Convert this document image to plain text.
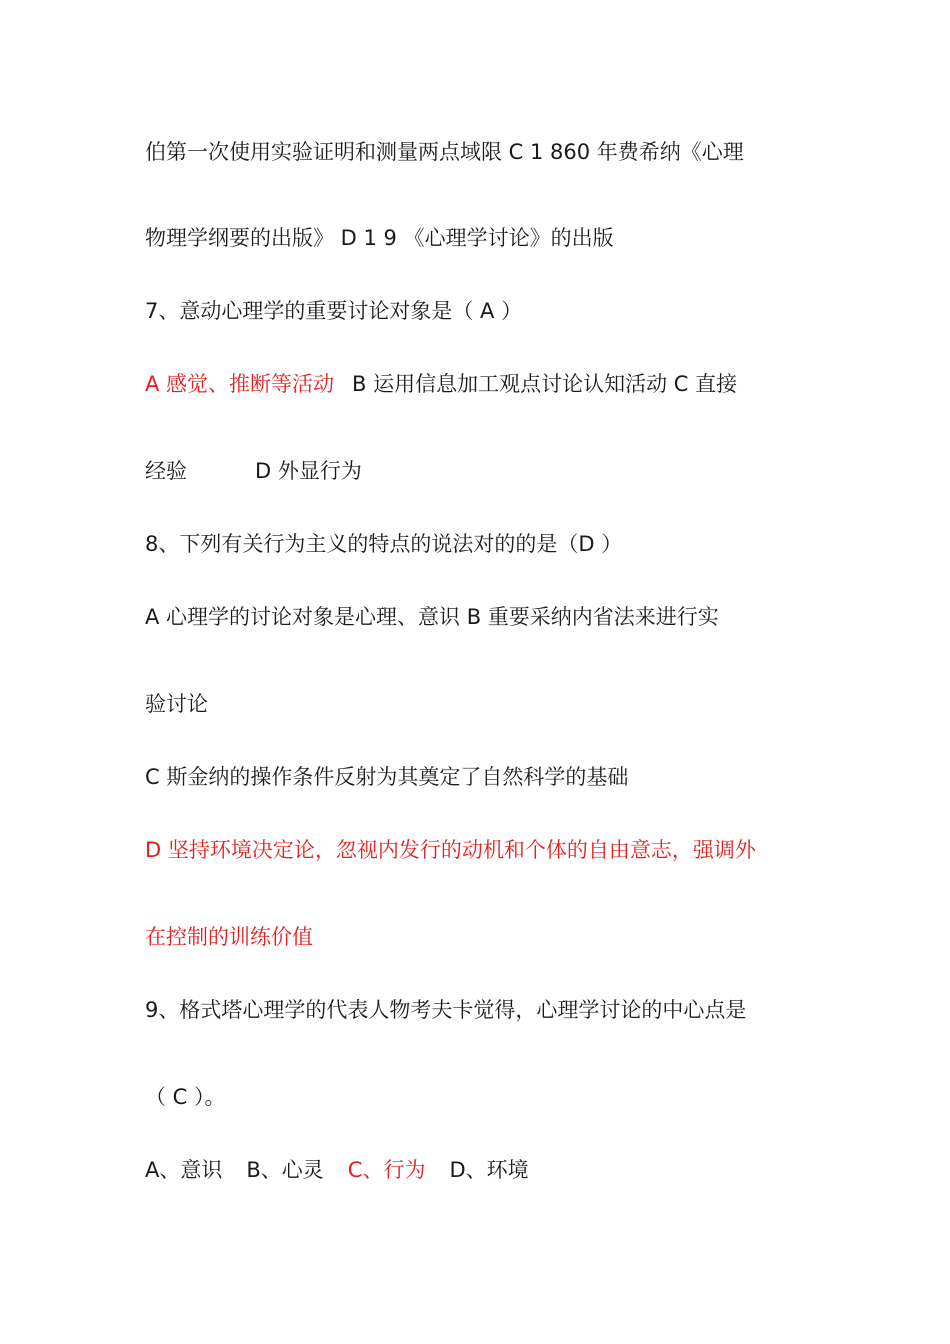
伯第一次使用实验证明和测量两点域限 C 1 860 年费希纳《心理
物理学纲要的出版》 D 1 9 《心理学讨论》的出版
7、意动心理学的重要讨论对象是（ A ）
A 感觉、推断等活动 B 运用信息加工观点讨论认知活动 C 直接
经验	D 外显行为
8、下列有关行为主义的特点的说法对的的是（D ）
A 心理学的讨论对象是心理、意识 B 重要采纳内省法来进行实
验讨论
C 斯金纳的操作条件反射为其奠定了自然科学的基础
D 坚持环境决定论，忽视内发行的动机和个体的自由意志，强调外
在控制的训练价值
9、格式塔心理学的代表人物考夫卡觉得，心理学讨论的中心点是
（ C ）。
A、意识 B、心灵 C、行为 D、环境
